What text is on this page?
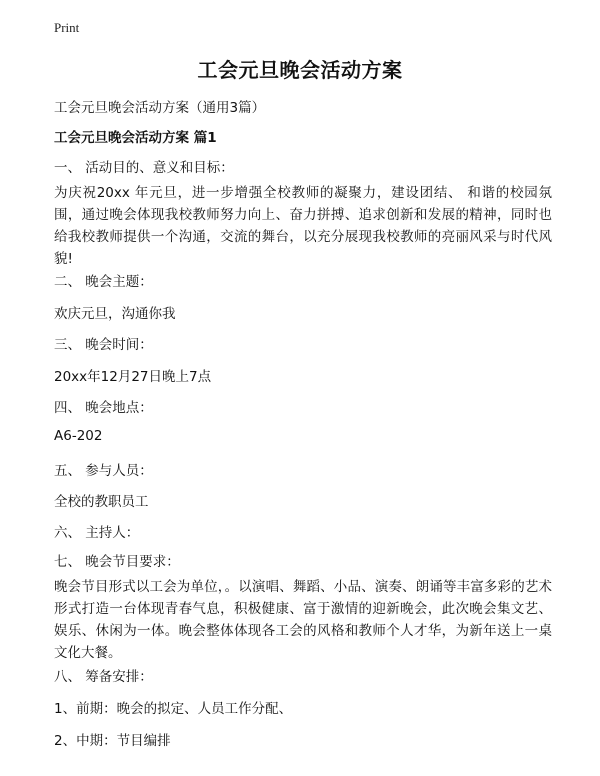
Print
工会元旦晚会活动方案
工会元旦晚会活动方案（通用3篇）
工会元旦晚会活动方案 篇1
一、 活动目的、意义和目标：
为庆祝20xx 年元旦，进一步增强全校教师的凝聚力，建设团结、 和谐的校园氛围，通过晚会体现我校教师努力向上、奋力拼搏、追求创新和发展的精神，同时也给我校教师提供一个沟通，交流的舞台，以充分展现我校教师的亮丽风采与时代风貌!
二、 晚会主题：
欢庆元旦，沟通你我
三、 晚会时间：
20xx年12月27日晚上7点
四、 晚会地点：
A6-202
五、 参与人员：
全校的教职员工
六、 主持人：
七、 晚会节目要求：
晚会节目形式以工会为单位，。以演唱、舞蹈、小品、演奏、朗诵等丰富多彩的艺术形式打造一台体现青春气息，积极健康、富于激情的迎新晚会，此次晚会集文艺、娱乐、休闲为一体。晚会整体体现各工会的风格和教师个人才华，为新年送上一桌文化大餐。
八、 筹备安排：
1、前期：晚会的拟定、人员工作分配、
2、中期：节目编排
